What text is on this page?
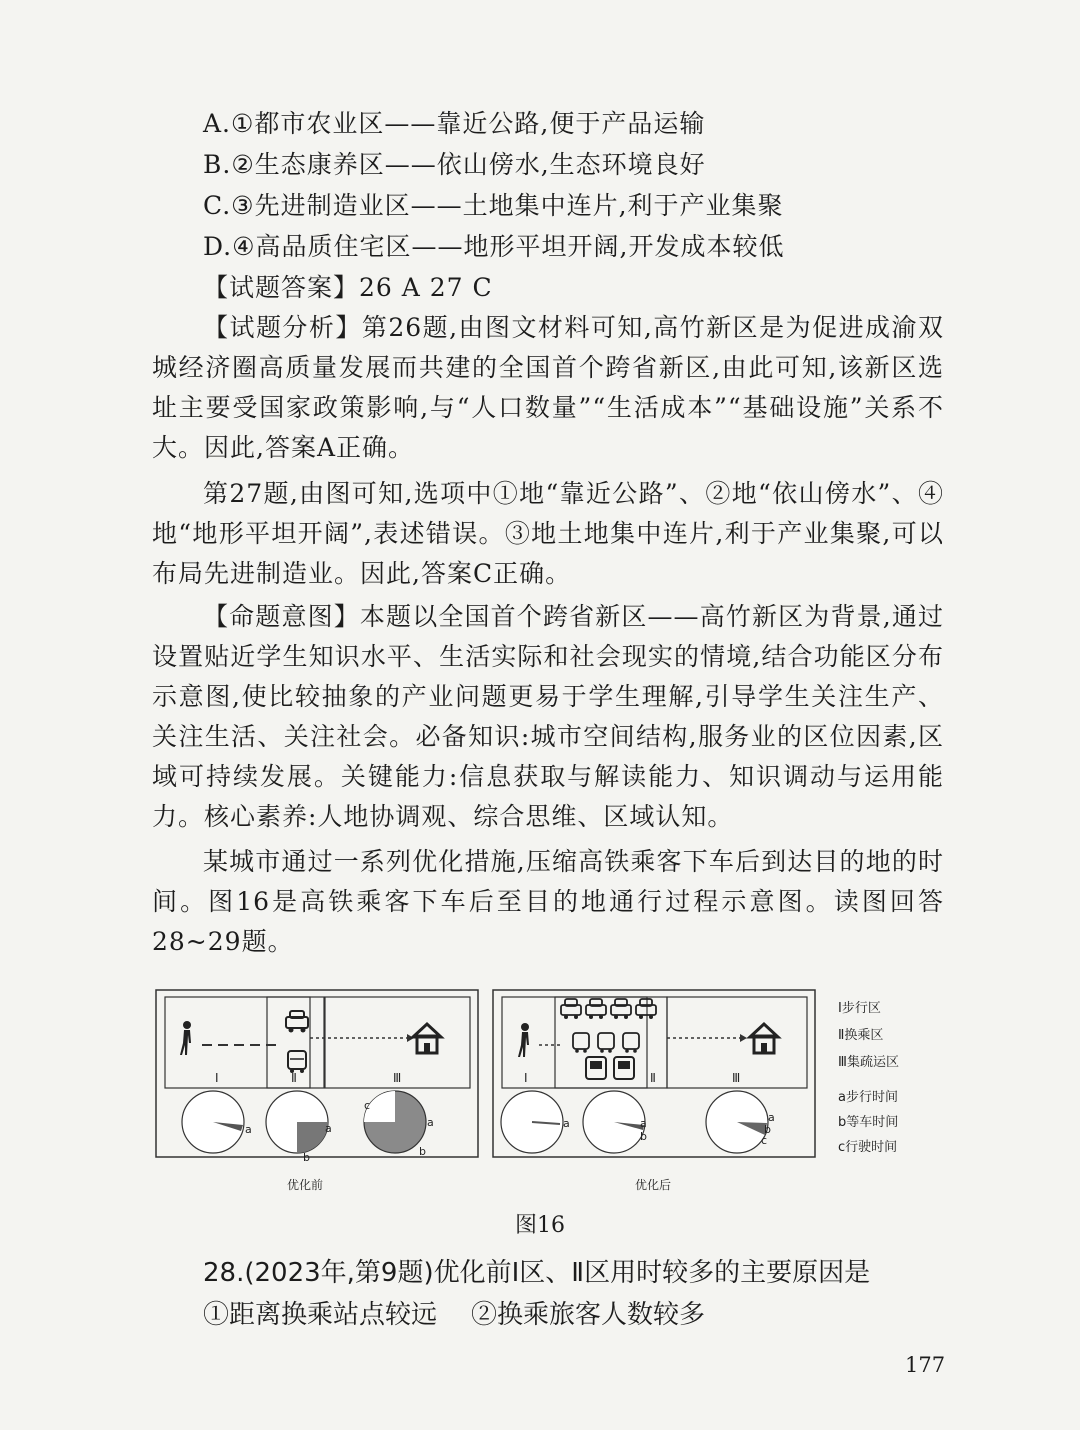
A.①都市农业区——靠近公路,便于产品运输
B.②生态康养区——依山傍水,生态环境良好
C.③先进制造业区——土地集中连片,利于产业集聚
D.④高品质住宅区——地形平坦开阔,开发成本较低
【试题答案】26 A 27 C

【试题分析】第26题,由图文材料可知,高竹新区是为促进成渝双城经济圈高质量发展而共建的全国首个跨省新区,由此可知,该新区选址主要受国家政策影响,与“人口数量”“生活成本”“基础设施”关系不大。因此,答案A正确。

第27题,由图可知,选项中①地“靠近公路”、②地“依山傍水”、④地“地形平坦开阔”,表述错误。③地土地集中连片,利于产业集聚,可以布局先进制造业。因此,答案C正确。

【命题意图】本题以全国首个跨省新区——高竹新区为背景,通过设置贴近学生知识水平、生活实际和社会现实的情境,结合功能区分布示意图,使比较抽象的产业问题更易于学生理解,引导学生关注生产、关注生活、关注社会。必备知识:城市空间结构,服务业的区位因素,区域可持续发展。关键能力:信息获取与解读能力、知识调动与运用能力。核心素养:人地协调观、综合思维、区域认知。

某城市通过一系列优化措施,压缩高铁乘客下车后到达目的地的时间。图16是高铁乘客下车后至目的地通行过程示意图。读图回答28~29题。

Ⅰ	Ⅱ	Ⅲ
a	a
b
c
a
b
优化前
Ⅰ	Ⅱ	Ⅲ
a	a
b
a
b
c
优化后
Ⅰ步行区
Ⅱ换乘区
Ⅲ集疏运区
a步行时间
b等车时间
c行驶时间
图16
28.(2023年,第9题)优化前Ⅰ区、Ⅱ区用时较多的主要原因是
①距离换乘站点较远 ②换乘旅客人数较多
177
